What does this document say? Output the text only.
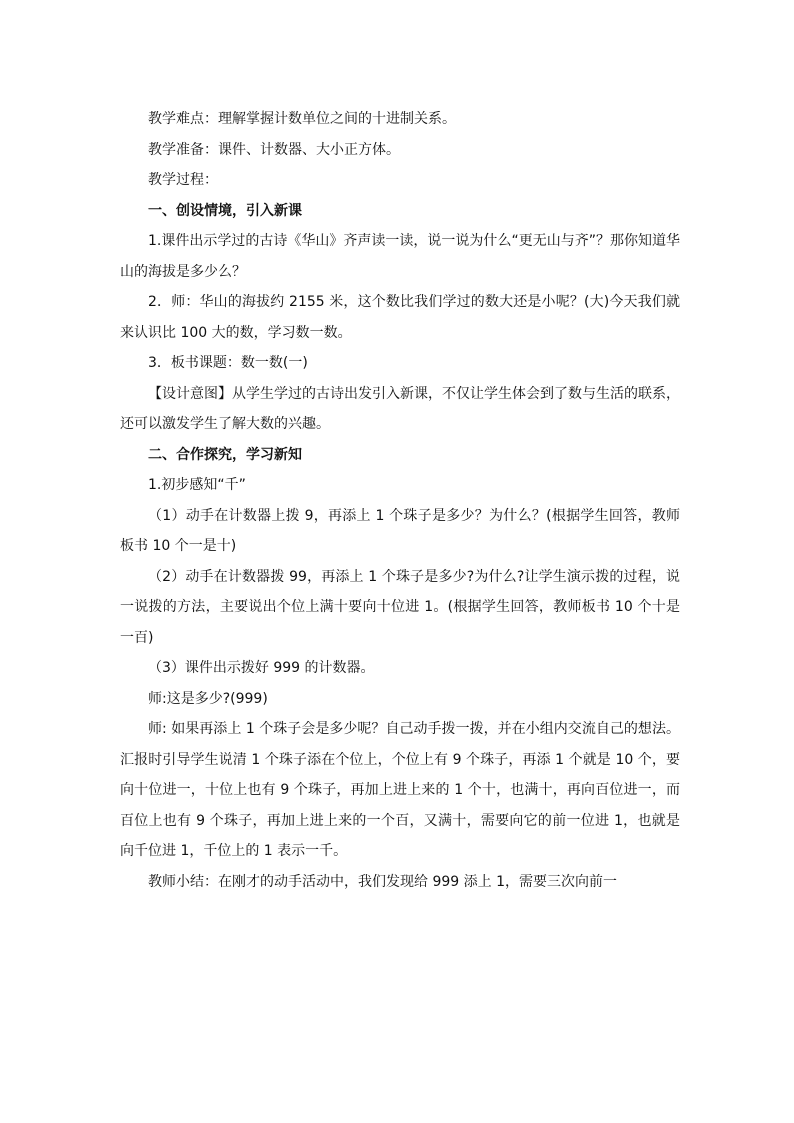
教学难点：理解掌握计数单位之间的十进制关系。

教学准备：课件、计数器、大小正方体。

教学过程：

一、创设情境，引入新课

1.课件出示学过的古诗《华山》齐声读一读，说一说为什么“更无山与齐”？那你知道华山的海拔是多少么？

2．师：华山的海拔约 2155 米，这个数比我们学过的数大还是小呢？(大)今天我们就来认识比 100 大的数，学习数一数。

3．板书课题：数一数(一)

【设计意图】从学生学过的古诗出发引入新课，不仅让学生体会到了数与生活的联系，还可以激发学生了解大数的兴趣。

二、合作探究，学习新知

1.初步感知“千”

（1）动手在计数器上拨 9，再添上 1 个珠子是多少？为什么？(根据学生回答，教师板书 10 个一是十)

（2）动手在计数器拨 99，再添上 1 个珠子是多少?为什么?让学生演示拨的过程，说一说拨的方法，主要说出个位上满十要向十位进 1。(根据学生回答，教师板书 10 个十是一百)

（3）课件出示拨好 999 的计数器。

师:这是多少?(999)

师: 如果再添上 1 个珠子会是多少呢？自己动手拨一拨，并在小组内交流自己的想法。汇报时引导学生说清 1 个珠子添在个位上，个位上有 9 个珠子，再添 1 个就是 10 个，要向十位进一，十位上也有 9 个珠子，再加上进上来的 1 个十，也满十，再向百位进一，而百位上也有 9 个珠子，再加上进上来的一个百，又满十，需要向它的前一位进 1，也就是向千位进 1，千位上的 1 表示一千。

教师小结：在刚才的动手活动中，我们发现给 999 添上 1，需要三次向前一
